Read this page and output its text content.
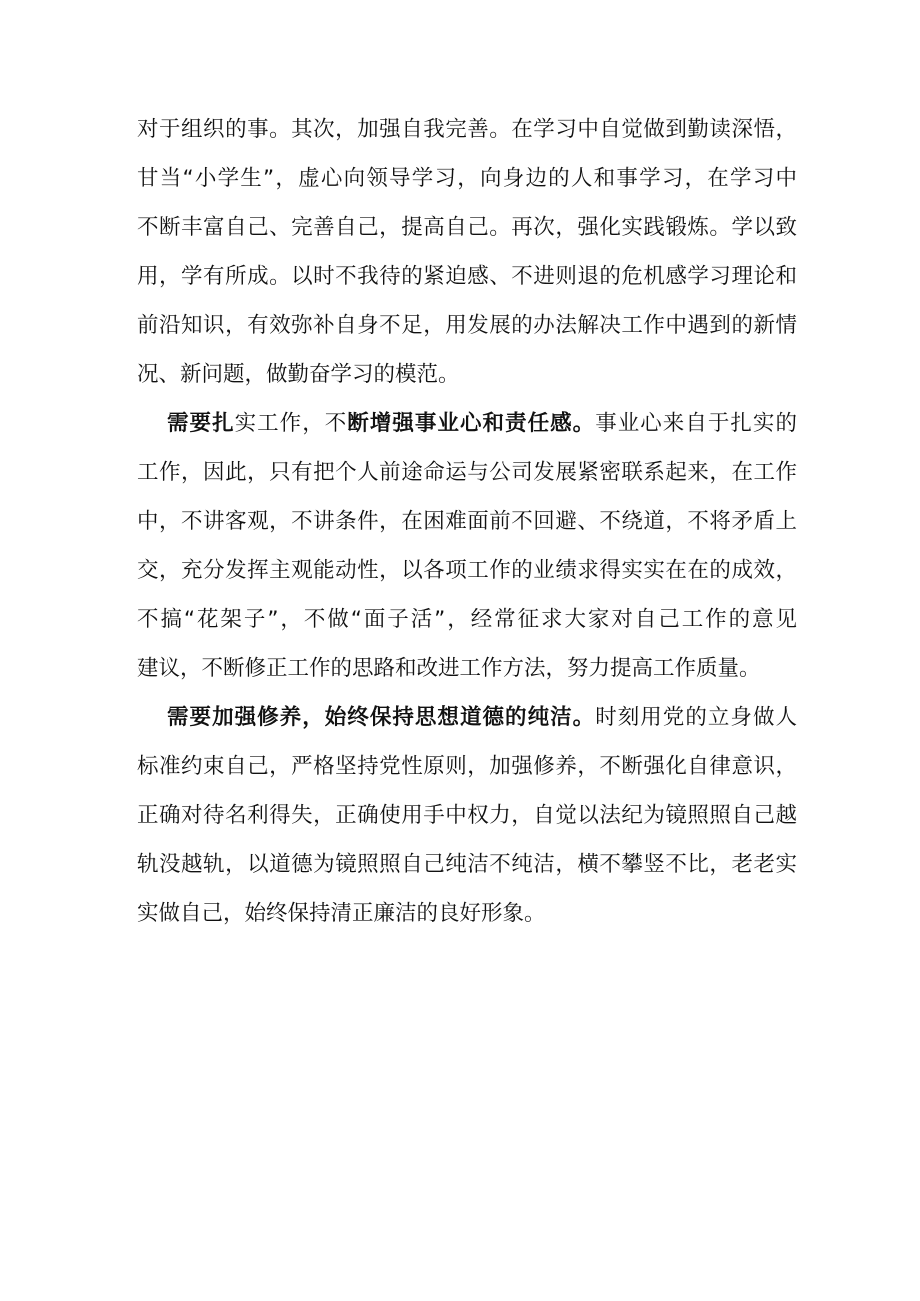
对于组织的事。其次，加强自我完善。在学习中自觉做到勤读深悟，
甘当“小学生”，虚心向领导学习，向身边的人和事学习，在学习中
不断丰富自己、完善自己，提高自己。再次，强化实践锻炼。学以致
用，学有所成。以时不我待的紧迫感、不进则退的危机感学习理论和
前沿知识，有效弥补自身不足，用发展的办法解决工作中遇到的新情
况、新问题，做勤奋学习的模范。
需要扎实工作，不断增强事业心和责任感。事业心来自于扎实的
工作，因此，只有把个人前途命运与公司发展紧密联系起来，在工作
中，不讲客观，不讲条件，在困难面前不回避、不绕道，不将矛盾上
交，充分发挥主观能动性，以各项工作的业绩求得实实在在的成效，
不搞“花架子”，不做“面子活”，经常征求大家对自己工作的意见
建议，不断修正工作的思路和改进工作方法，努力提高工作质量。
需要加强修养，始终保持思想道德的纯洁。时刻用党的立身做人
标准约束自己，严格坚持党性原则，加强修养，不断强化自律意识，
正确对待名利得失，正确使用手中权力，自觉以法纪为镜照照自己越
轨没越轨，以道德为镜照照自己纯洁不纯洁，横不攀竖不比，老老实
实做自己，始终保持清正廉洁的良好形象。
